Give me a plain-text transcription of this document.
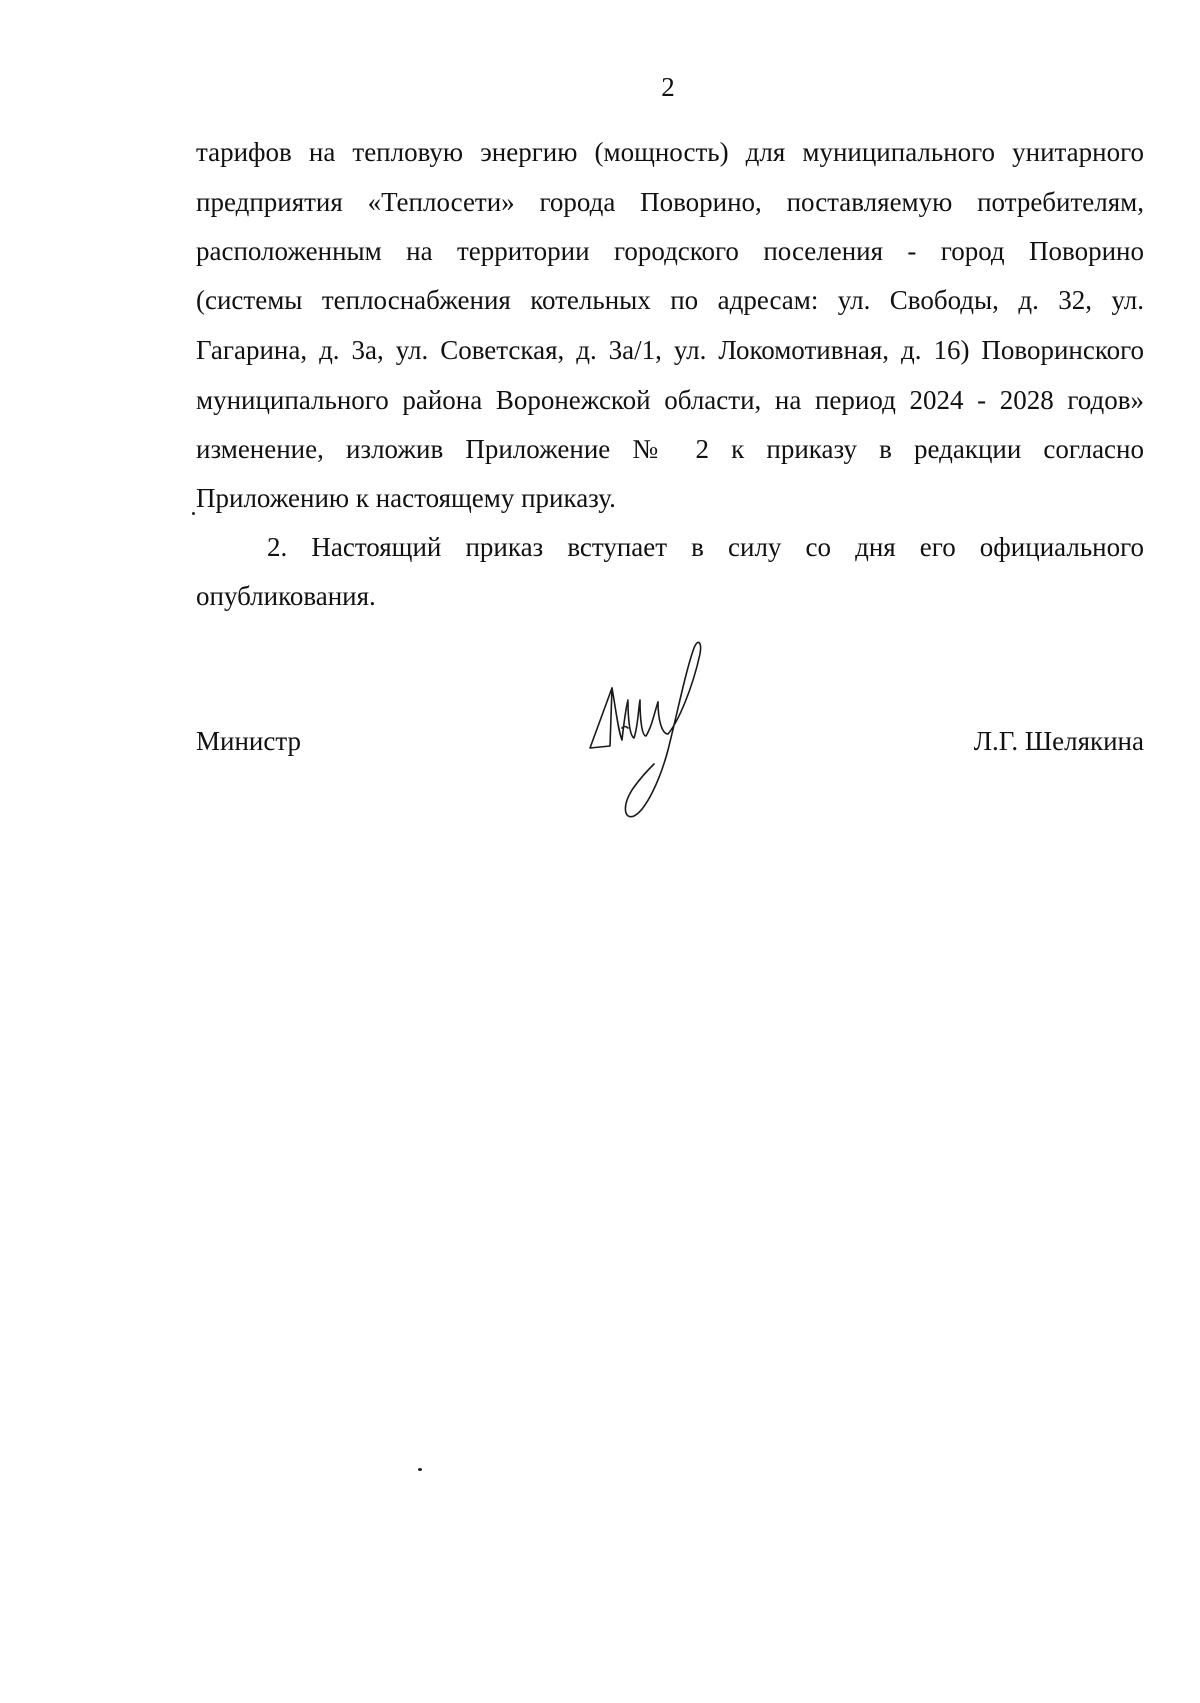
2
тарифов на тепловую энергию (мощность) для муниципального унитарного
предприятия «Теплосети» города Поворино, поставляемую потребителям,
расположенным на территории городского поселения - город Поворино
(системы теплоснабжения котельных по адресам: ул. Свободы, д. 32, ул.
Гагарина, д. 3а, ул. Советская, д. 3а/1, ул. Локомотивная, д. 16) Поворинского
муниципального района Воронежской области, на период 2024 - 2028 годов»
изменение, изложив Приложение № 2 к приказу в редакции согласно
Приложению к настоящему приказу.
2. Настоящий приказ вступает в силу со дня его официального
опубликования.
Министр	Л.Г. Шелякина
